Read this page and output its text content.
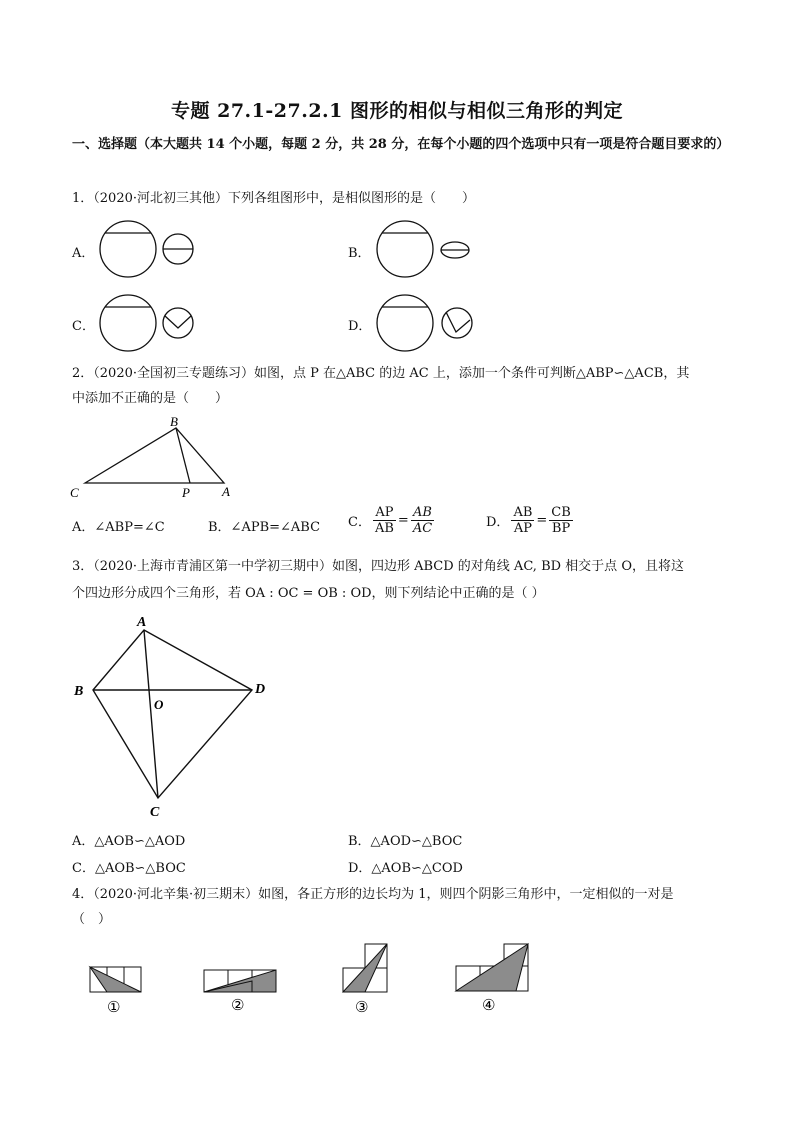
专题 27.1-27.2.1 图形的相似与相似三角形的判定
一、选择题（本大题共 14 个小题，每题 2 分，共 28 分，在每个小题的四个选项中只有一项是符合题目要求的）
1．（2020·河北初三其他）下列各组图形中，是相似图形的是（　　）
A．	B．
C．	D．
2．（2020·全国初三专题练习）如图，点 P 在△ABC 的边 AC 上，添加一个条件可判断△ABP∽△ACB，其
中添加不正确的是（　　）
B
C	P A
A．∠ABP=∠C	B．∠APB=∠ABC C． $\frac{AP}{AB} = \frac{AB}{AC}$	D． $\frac{AB}{AP} = \frac{CB}{BP}$
3．（2020·上海市青浦区第一中学初三期中）如图，四边形 ABCD 的对角线 AC, BD 相交于点 O，且将这
个四边形分成四个三角形，若 OA : OC = OB : OD，则下列结论中正确的是（ ）
A
B	D
O
C
A．△AOB∽△AOD	B．△AOD∽△BOC
C．△AOB∽△BOC	D．△AOB∽△COD
4．（2020·河北辛集·初三期末）如图，各正方形的边长均为 1，则四个阴影三角形中，一定相似的一对是
（　）
①	②	③	④
